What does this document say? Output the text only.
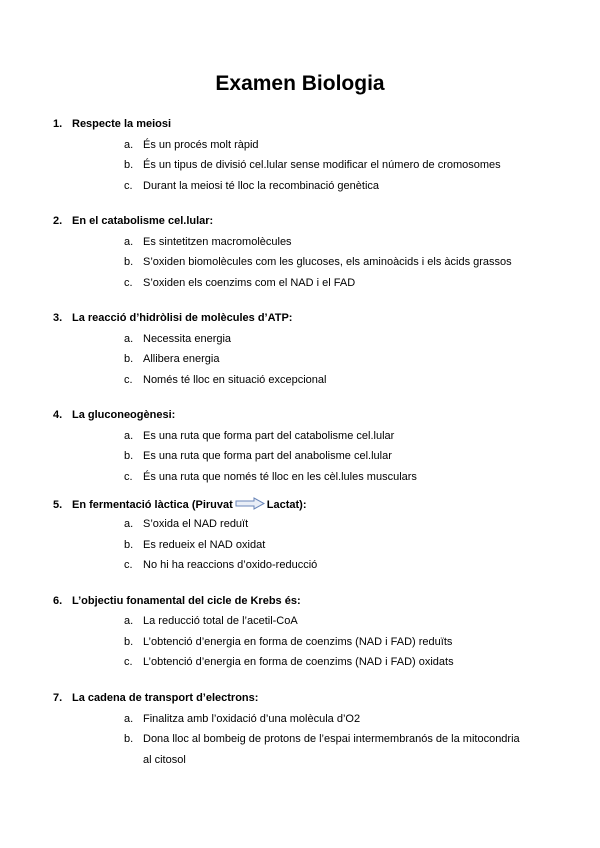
Examen Biologia
1. Respecte la meiosi
a. És un procés molt ràpid
b. És un tipus de divisió cel.lular sense modificar el número de cromosomes
c. Durant la meiosi té lloc la recombinació genètica
2. En el catabolisme cel.lular:
a. Es sintetitzen macromolècules
b. S’oxiden biomolècules com les glucoses, els aminoàcids i els àcids grassos
c. S’oxiden els coenzims com el NAD i el FAD
3. La reacció d’hidròlisi de molècules d’ATP:
a. Necessita energia
b. Allibera energia
c. Només té lloc en situació excepcional
4. La gluconeogènesi:
a. Es una ruta que forma part del catabolisme cel.lular
b. Es una ruta que forma part del anabolisme cel.lular
c. És una ruta que només té lloc en les cèl.lules musculars
5. En fermentació làctica (Piruvat	Lactat):
a. S’oxida el NAD reduït
b. Es redueix el NAD oxidat
c. No hi ha reaccions d’oxido-reducció
6. L’objectiu fonamental del cicle de Krebs és:
a. La reducció total de l’acetil-CoA
b. L’obtenció d’energia en forma de coenzims (NAD i FAD) reduïts
c. L’obtenció d’energia en forma de coenzims (NAD i FAD) oxidats
7. La cadena de transport d’electrons:
a. Finalitza amb l’oxidació d’una molècula d’O2
b. Dona lloc al bombeig de protons de l’espai intermembranós de la mitocondria
al citosol
